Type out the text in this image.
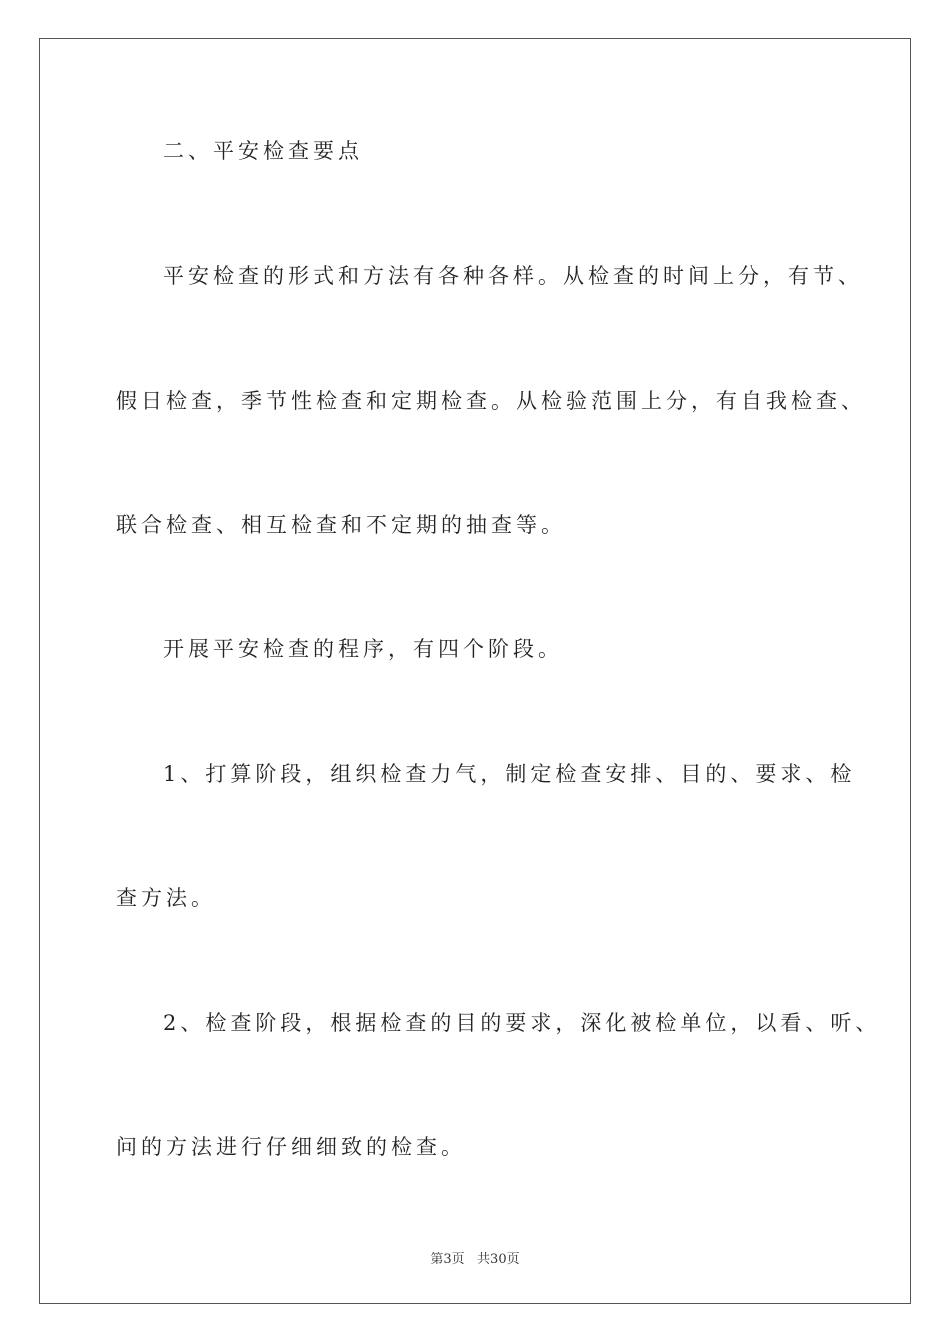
二、平安检查要点
平安检查的形式和方法有各种各样。从检查的时间上分，有节、
假日检查，季节性检查和定期检查。从检验范围上分，有自我检查、
联合检查、相互检查和不定期的抽查等。
开展平安检查的程序，有四个阶段。
1、打算阶段，组织检查力气，制定检查安排、目的、要求、检
查方法。
2、检查阶段，根据检查的目的要求，深化被检单位，以看、听、
问的方法进行仔细细致的检查。
第3页   共30页
